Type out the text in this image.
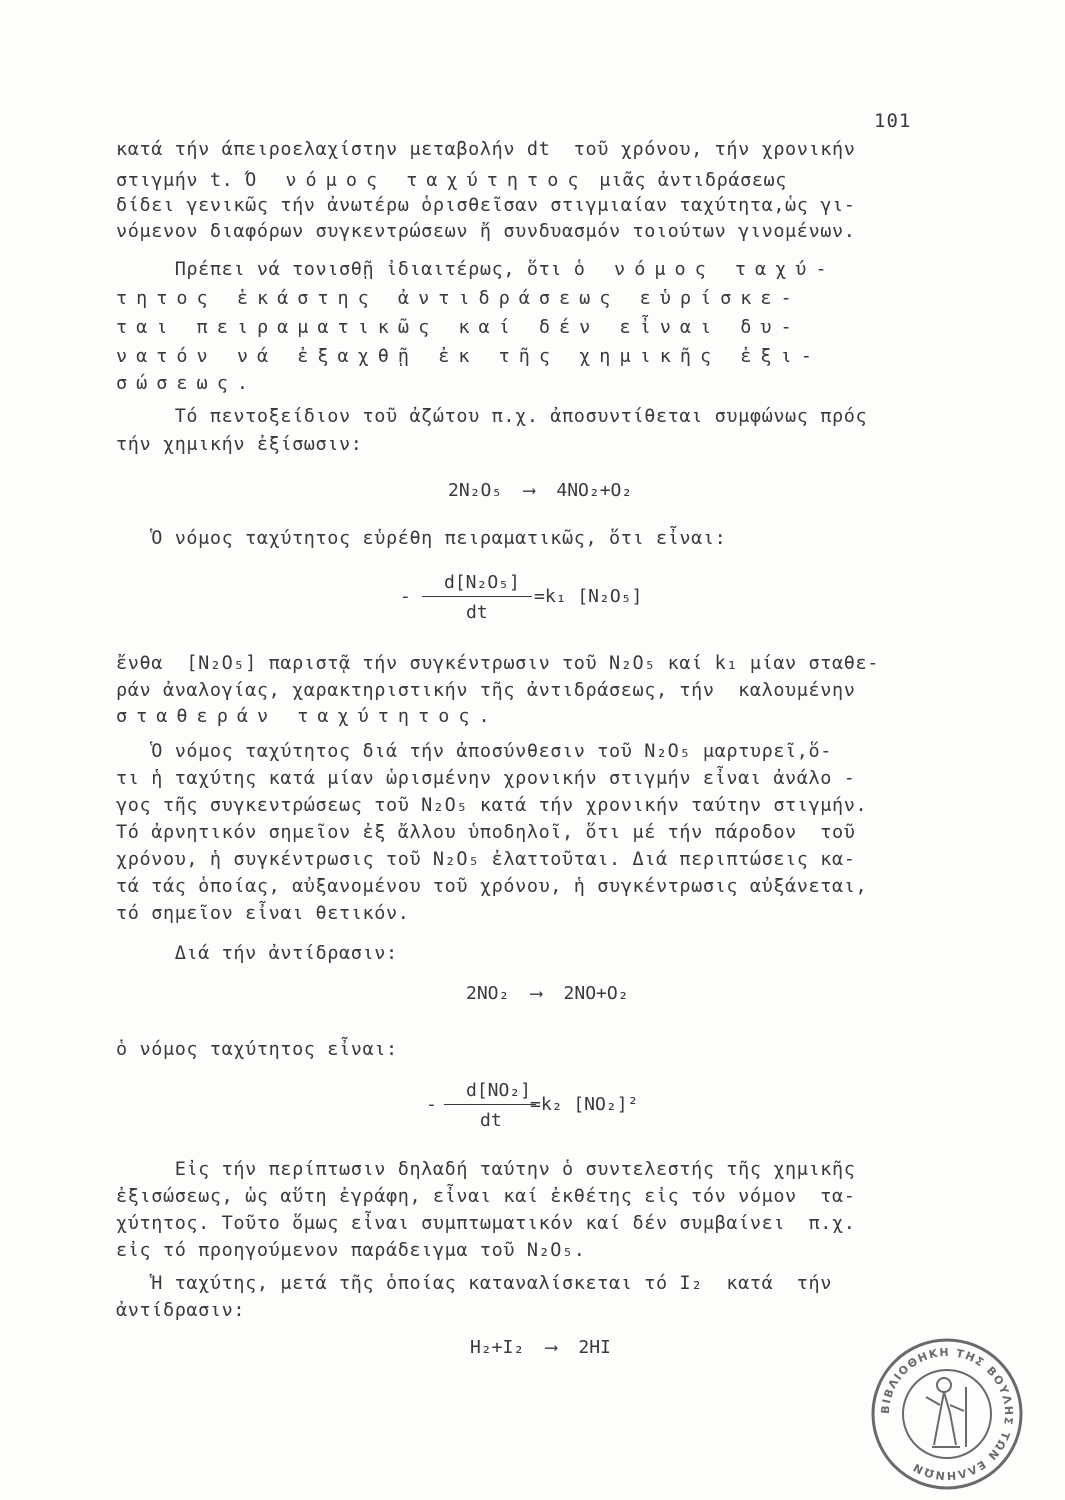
101
κατά τήν άπειροελαχίστην μεταβολήν dt  τοῦ χρόνου, τήν χρονικήν
στιγμήν t. Ό νόμος ταχύτητος μιᾶς ἀντιδράσεως
δίδει γενικῶς τήν ἀνωτέρω ὁρισθεῖσαν στιγμιαίαν ταχύτητα,ὡς γι-
νόμενον διαφόρων συγκεντρώσεων ἤ συνδυασμόν τοιούτων γινομένων.
Πρέπει νά τονισθῇ ἰδιαιτέρως, ὅτι ὁ νόμος ταχύ-
τητος ἑκάστης ἀντιδράσεως εὑρίσκε-
ται πειραματικῶς καί δέν εἶναι δυ-
νατόν νά ἐξαχθῇ ἐκ τῆς χημικῆς ἐξι-
σώσεως.
Τό πεντοξείδιον τοῦ ἀζώτου π.χ. ἀποσυντίθεται συμφώνως πρός
τήν χημικήν ἐξίσωσιν:
2N₂O₅  ⟶  4NO₂+O₂
Ὁ νόμος ταχύτητος εὑρέθη πειραματικῶς, ὅτι εἶναι:

-

d[N₂O₅]

dt

=k₁ [N₂O₅]

ἔνθα  [N₂O₅] παριστᾷ τήν συγκέντρωσιν τοῦ N₂O₅ καί k₁ μίαν σταθε-
ράν ἀναλογίας, χαρακτηριστικήν τῆς ἀντιδράσεως, τήν  καλουμένην
σταθεράν ταχύτητος.
Ὁ νόμος ταχύτητος διά τήν ἀποσύνθεσιν τοῦ N₂O₅ μαρτυρεῖ,ὅ-
τι ἡ ταχύτης κατά μίαν ὡρισμένην χρονικήν στιγμήν εἶναι ἀνάλο -
γος τῆς συγκεντρώσεως τοῦ N₂O₅ κατά τήν χρονικήν ταύτην στιγμήν.
Τό ἀρνητικόν σημεῖον ἐξ ἄλλου ὑποδηλοῖ, ὅτι μέ τήν πάροδον  τοῦ
χρόνου, ἡ συγκέντρωσις τοῦ N₂O₅ ἐλαττοῦται. Διά περιπτώσεις κα-
τά τάς ὁποίας, αὐξανομένου τοῦ χρόνου, ἡ συγκέντρωσις αὐξάνεται,
τό σημεῖον εἶναι θετικόν.
Διά τήν ἀντίδρασιν:
2NO₂  ⟶  2NO+O₂
ὁ νόμος ταχύτητος εἶναι:

-

d[NO₂]

dt

=k₂ [NO₂]²

Εἰς τήν περίπτωσιν δηλαδή ταύτην ὁ συντελεστής τῆς χημικῆς
ἐξισώσεως, ὡς αὕτη ἐγράφη, εἶναι καί ἐκθέτης εἰς τόν νόμον  τα-
χύτητος. Τοῦτο ὅμως εἶναι συμπτωματικόν καί δέν συμβαίνει  π.χ.
εἰς τό προηγούμενον παράδειγμα τοῦ N₂O₅.
Ἡ ταχύτης, μετά τῆς ὁποίας καταναλίσκεται τό I₂  κατά  τήν
ἀντίδρασιν:
H₂+I₂  ⟶  2HI
ΒΙΒΛΙΟΘΗΚΗ ΤΗΣ ΒΟΥΛΗΣ ΤΩΝ ΕΛΛΗΝΩΝ
